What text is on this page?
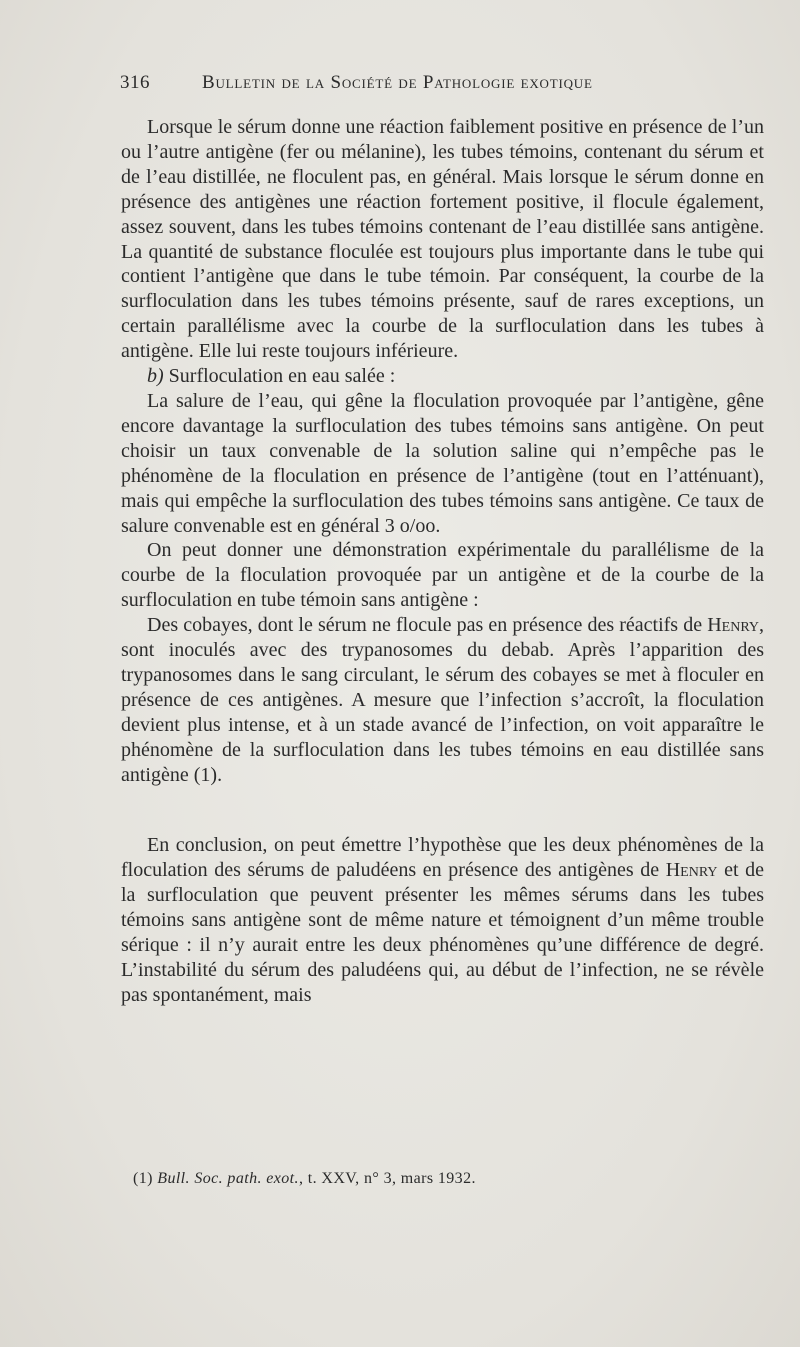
316	Bulletin de la Société de Pathologie exotique

Lorsque le sérum donne une réaction faiblement positive en présence de l’un ou l’autre antigène (fer ou mélanine), les tubes témoins, contenant du sérum et de l’eau distillée, ne floculent pas, en général. Mais lorsque le sérum donne en présence des antigènes une réaction fortement positive, il flocule également, assez souvent, dans les tubes témoins contenant de l’eau distillée sans antigène. La quantité de substance floculée est toujours plus importante dans le tube qui contient l’antigène que dans le tube témoin. Par conséquent, la courbe de la surfloculation dans les tubes témoins présente, sauf de rares exceptions, un certain parallélisme avec la courbe de la surfloculation dans les tubes à antigène. Elle lui reste toujours inférieure.

b) Surfloculation en eau salée :

La salure de l’eau, qui gêne la floculation provoquée par l’antigène, gêne encore davantage la surfloculation des tubes témoins sans antigène. On peut choisir un taux convenable de la solution saline qui n’empêche pas le phénomène de la floculation en présence de l’antigène (tout en l’atténuant), mais qui empêche la surfloculation des tubes témoins sans antigène. Ce taux de salure convenable est en général 3 o/oo.

On peut donner une démonstration expérimentale du parallélisme de la courbe de la floculation provoquée par un antigène et de la courbe de la surfloculation en tube témoin sans antigène :

Des cobayes, dont le sérum ne flocule pas en présence des réactifs de Henry, sont inoculés avec des trypanosomes du debab. Après l’apparition des trypanosomes dans le sang circulant, le sérum des cobayes se met à floculer en présence de ces antigènes. A mesure que l’infection s’accroît, la floculation devient plus intense, et à un stade avancé de l’infection, on voit apparaître le phénomène de la surfloculation dans les tubes témoins en eau distillée sans antigène (1).

En conclusion, on peut émettre l’hypothèse que les deux phénomènes de la floculation des sérums de paludéens en présence des antigènes de Henry et de la surfloculation que peuvent présenter les mêmes sérums dans les tubes témoins sans antigène sont de même nature et témoignent d’un même trouble sérique : il n’y aurait entre les deux phénomènes qu’une différence de degré. L’instabilité du sérum des paludéens qui, au début de l’infection, ne se révèle pas spontanément, mais

(1) Bull. Soc. path. exot., t. XXV, n° 3, mars 1932.
